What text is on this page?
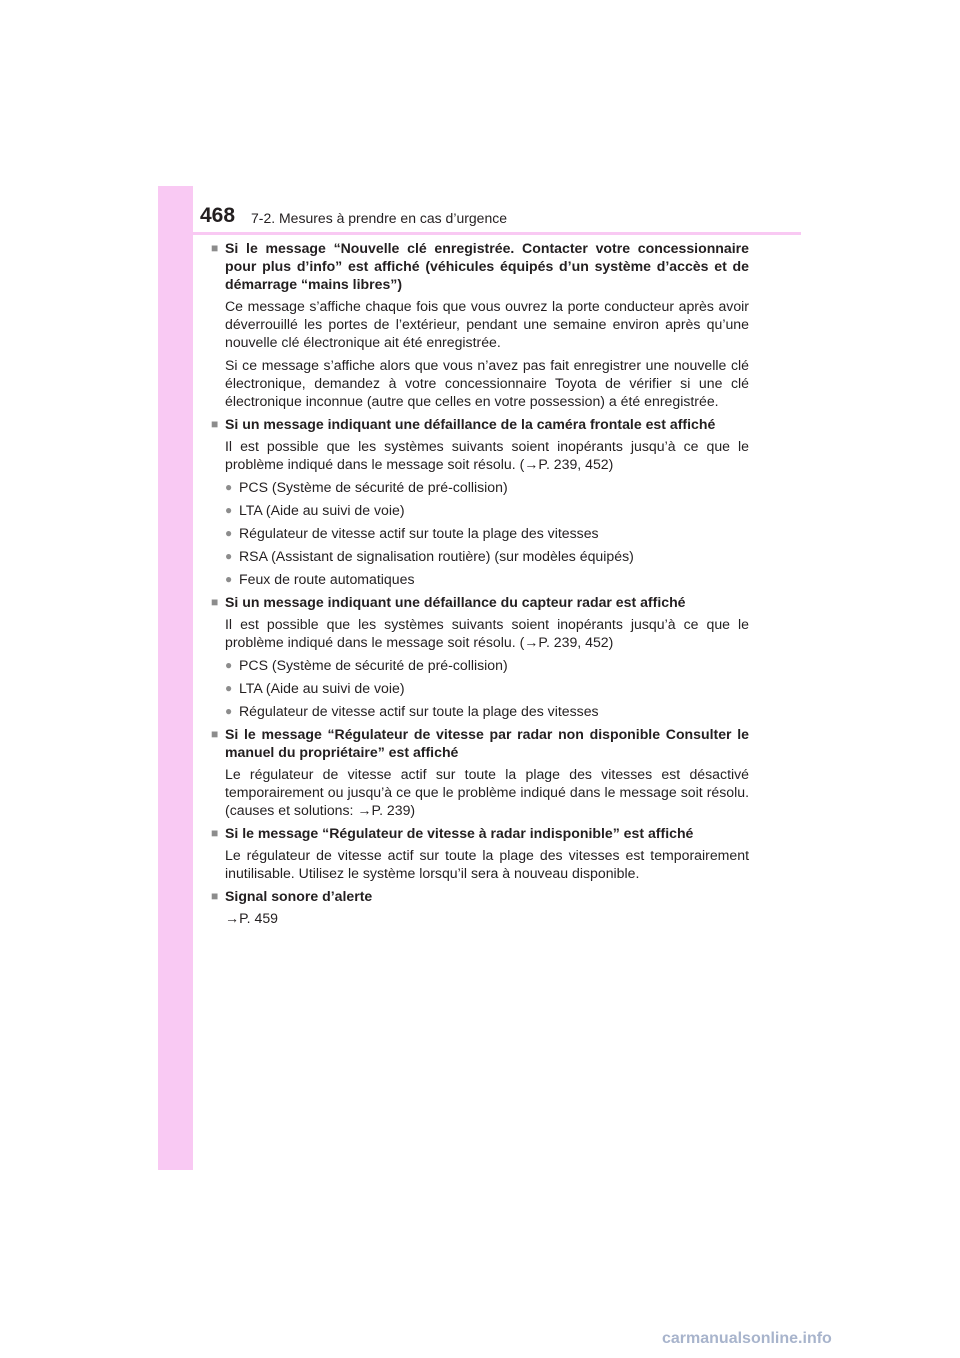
468 7-2. Mesures à prendre en cas d’urgence
■ Si le message “Nouvelle clé enregistrée. Contacter votre concessionnaire pour plus d’info” est affiché (véhicules équipés d’un système d’accès et de démarrage “mains libres”)
Ce message s’affiche chaque fois que vous ouvrez la porte conducteur après avoir déverrouillé les portes de l’extérieur, pendant une semaine environ après qu’une nouvelle clé électronique ait été enregistrée.
Si ce message s’affiche alors que vous n’avez pas fait enregistrer une nouvelle clé électronique, demandez à votre concessionnaire Toyota de vérifier si une clé électronique inconnue (autre que celles en votre possession) a été enregistrée.
■ Si un message indiquant une défaillance de la caméra frontale est affiché
Il est possible que les systèmes suivants soient inopérants jusqu’à ce que le problème indiqué dans le message soit résolu. (→P. 239, 452)
● PCS (Système de sécurité de pré-collision)
● LTA (Aide au suivi de voie)
● Régulateur de vitesse actif sur toute la plage des vitesses
● RSA (Assistant de signalisation routière) (sur modèles équipés)
● Feux de route automatiques
■ Si un message indiquant une défaillance du capteur radar est affiché
Il est possible que les systèmes suivants soient inopérants jusqu’à ce que le problème indiqué dans le message soit résolu. (→P. 239, 452)
● PCS (Système de sécurité de pré-collision)
● LTA (Aide au suivi de voie)
● Régulateur de vitesse actif sur toute la plage des vitesses
■ Si le message “Régulateur de vitesse par radar non disponible Consulter le manuel du propriétaire” est affiché
Le régulateur de vitesse actif sur toute la plage des vitesses est désactivé temporairement ou jusqu’à ce que le problème indiqué dans le message soit résolu. (causes et solutions: →P. 239)
■ Si le message “Régulateur de vitesse à radar indisponible” est affiché
Le régulateur de vitesse actif sur toute la plage des vitesses est temporairement inutilisable. Utilisez le système lorsqu’il sera à nouveau disponible.
■ Signal sonore d’alerte
→P. 459
carmanualsonline.info
